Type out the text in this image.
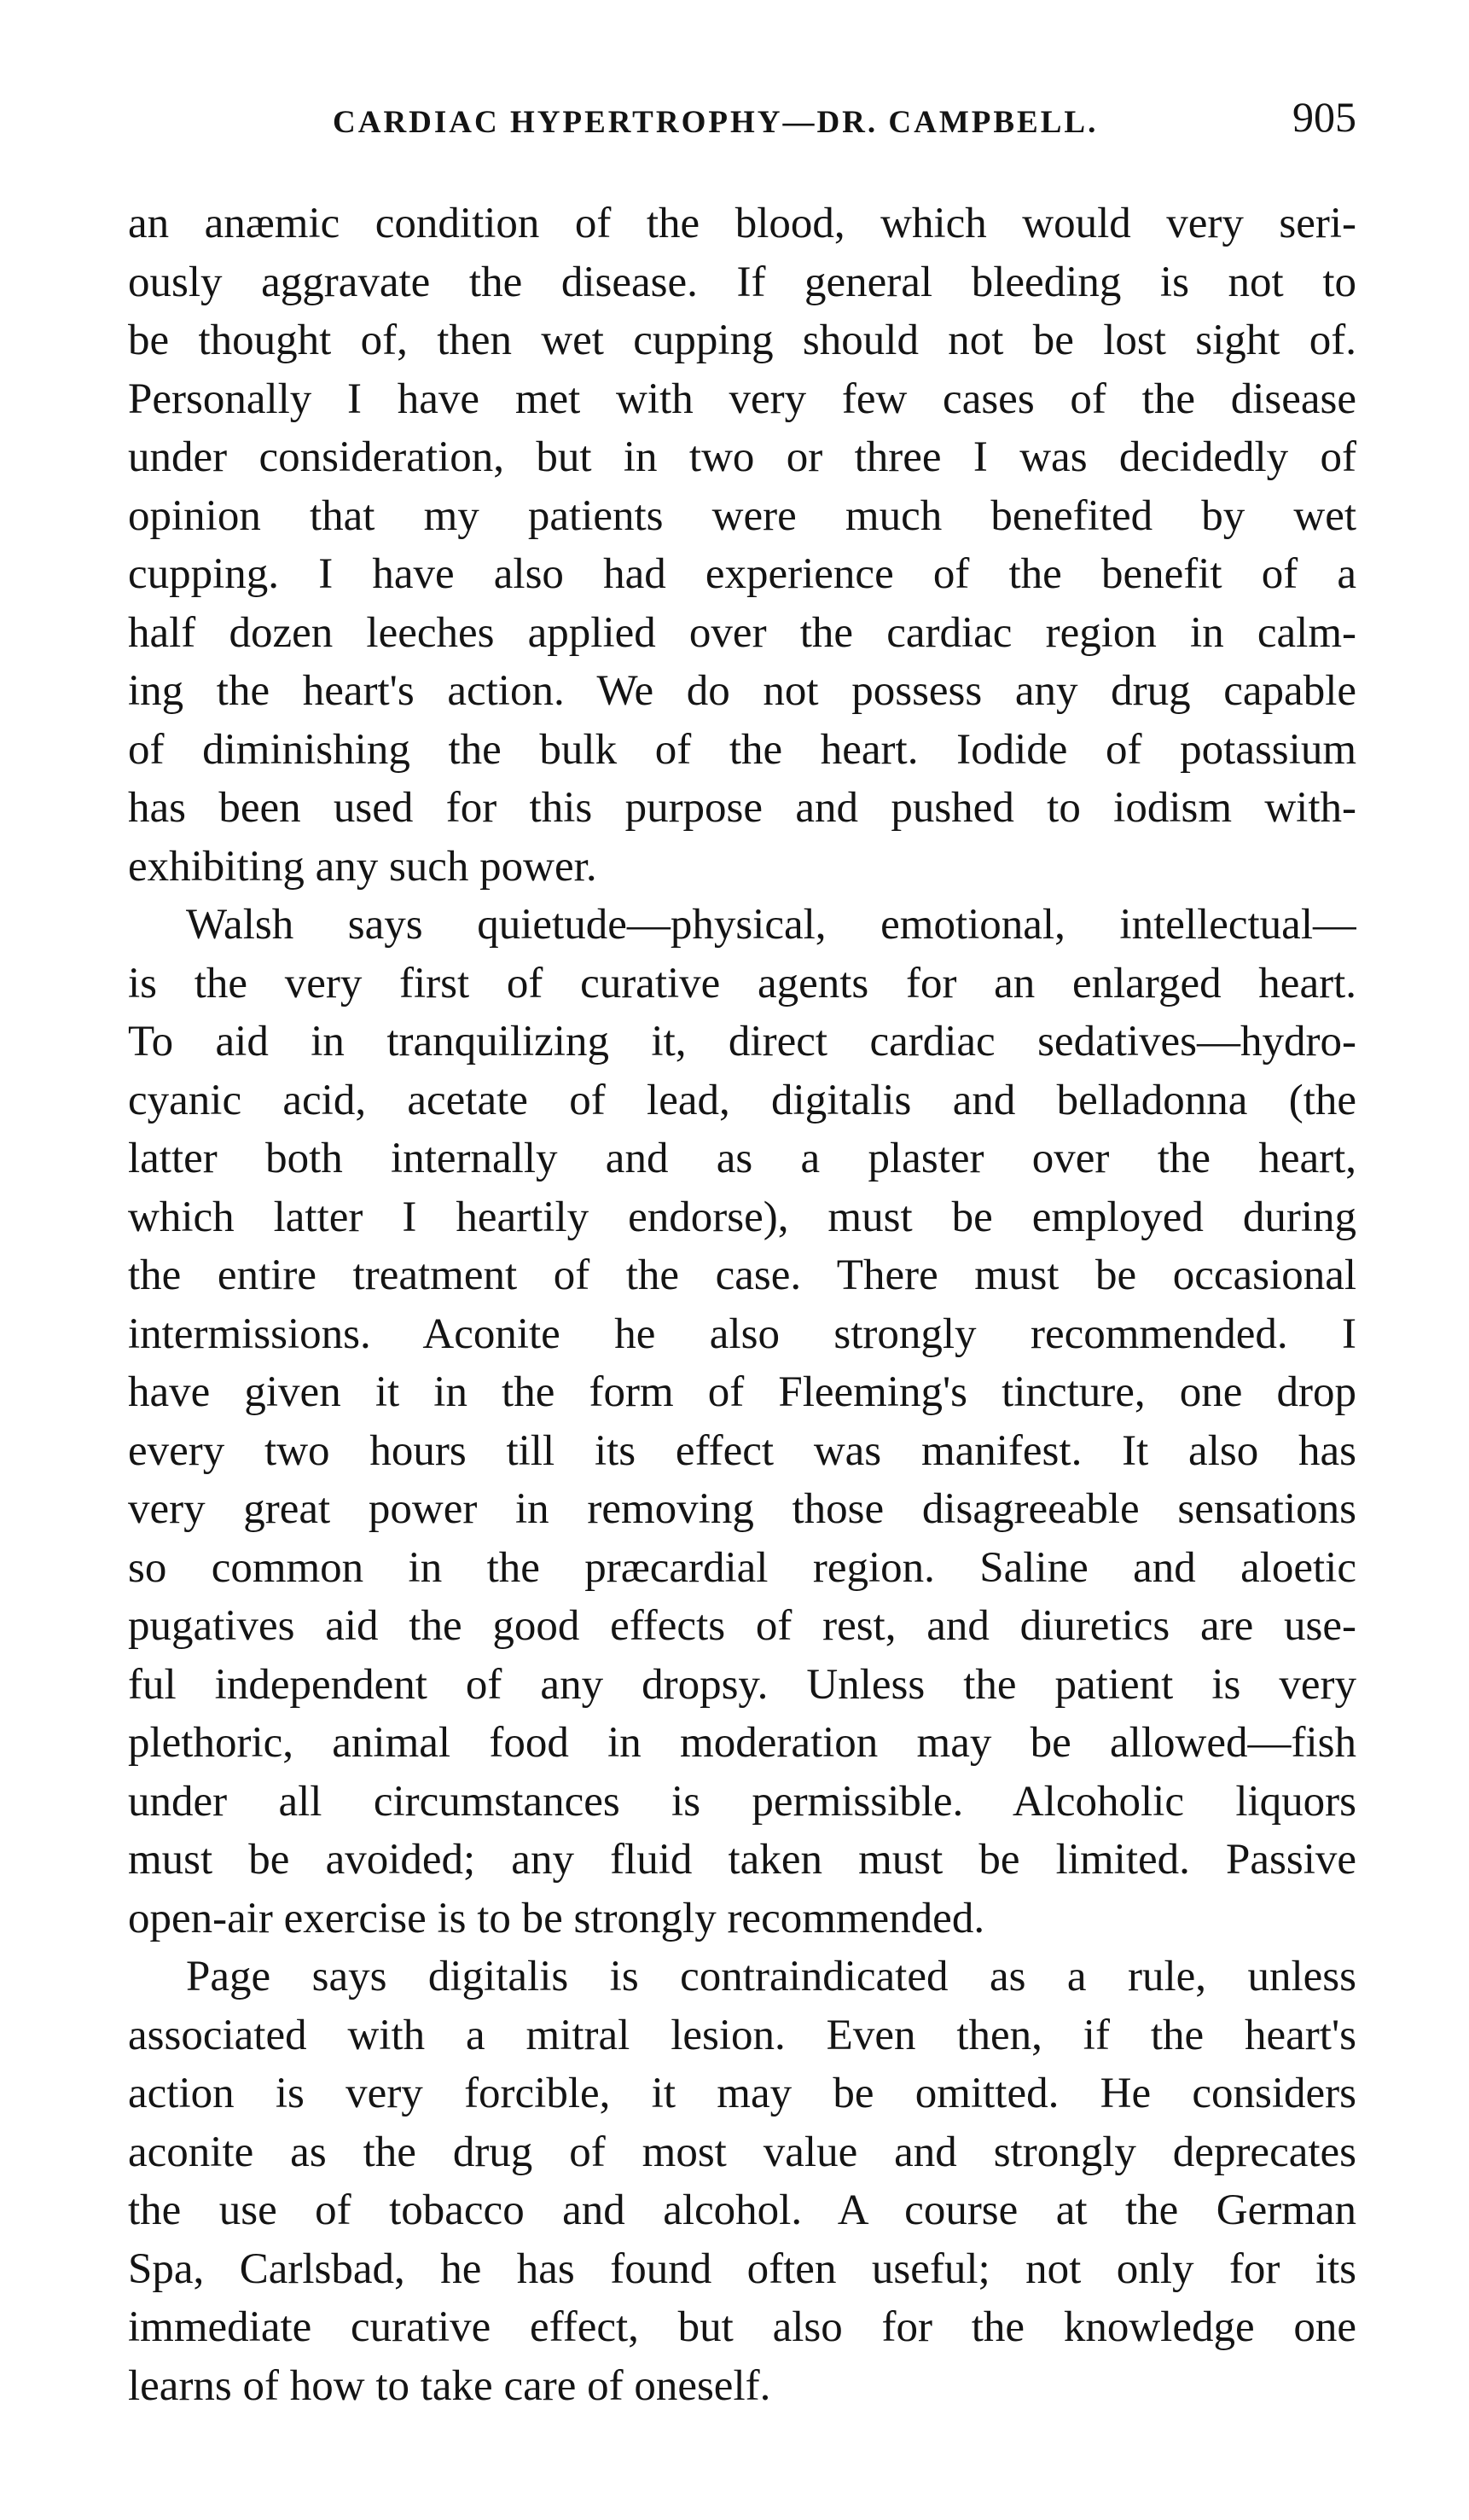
CARDIAC HYPERTROPHY—DR. CAMPBELL.	905
an anæmic condition of the blood, which would very seri-
ously aggravate the disease. If general bleeding is not to
be thought of, then wet cupping should not be lost sight of.
Personally I have met with very few cases of the disease
under consideration, but in two or three I was decidedly of
opinion that my patients were much benefited by wet
cupping. I have also had experience of the benefit of a
half dozen leeches applied over the cardiac region in calm-
ing the heart's action. We do not possess any drug capable
of diminishing the bulk of the heart. Iodide of potassium
has been used for this purpose and pushed to iodism with-
exhibiting any such power.
Walsh says quietude—physical, emotional, intellectual—
is the very first of curative agents for an enlarged heart.
To aid in tranquilizing it, direct cardiac sedatives—hydro-
cyanic acid, acetate of lead, digitalis and belladonna (the
latter both internally and as a plaster over the heart,
which latter I heartily endorse), must be employed during
the entire treatment of the case. There must be occasional
intermissions. Aconite he also strongly recommended. I
have given it in the form of Fleeming's tincture, one drop
every two hours till its effect was manifest. It also has
very great power in removing those disagreeable sensations
so common in the præcardial region. Saline and aloetic
pugatives aid the good effects of rest, and diuretics are use-
ful independent of any dropsy. Unless the patient is very
plethoric, animal food in moderation may be allowed—fish
under all circumstances is permissible. Alcoholic liquors
must be avoided; any fluid taken must be limited. Passive
open-air exercise is to be strongly recommended.
Page says digitalis is contraindicated as a rule, unless
associated with a mitral lesion. Even then, if the heart's
action is very forcible, it may be omitted. He considers
aconite as the drug of most value and strongly deprecates
the use of tobacco and alcohol. A course at the German
Spa, Carlsbad, he has found often useful; not only for its
immediate curative effect, but also for the knowledge one
learns of how to take care of oneself.
